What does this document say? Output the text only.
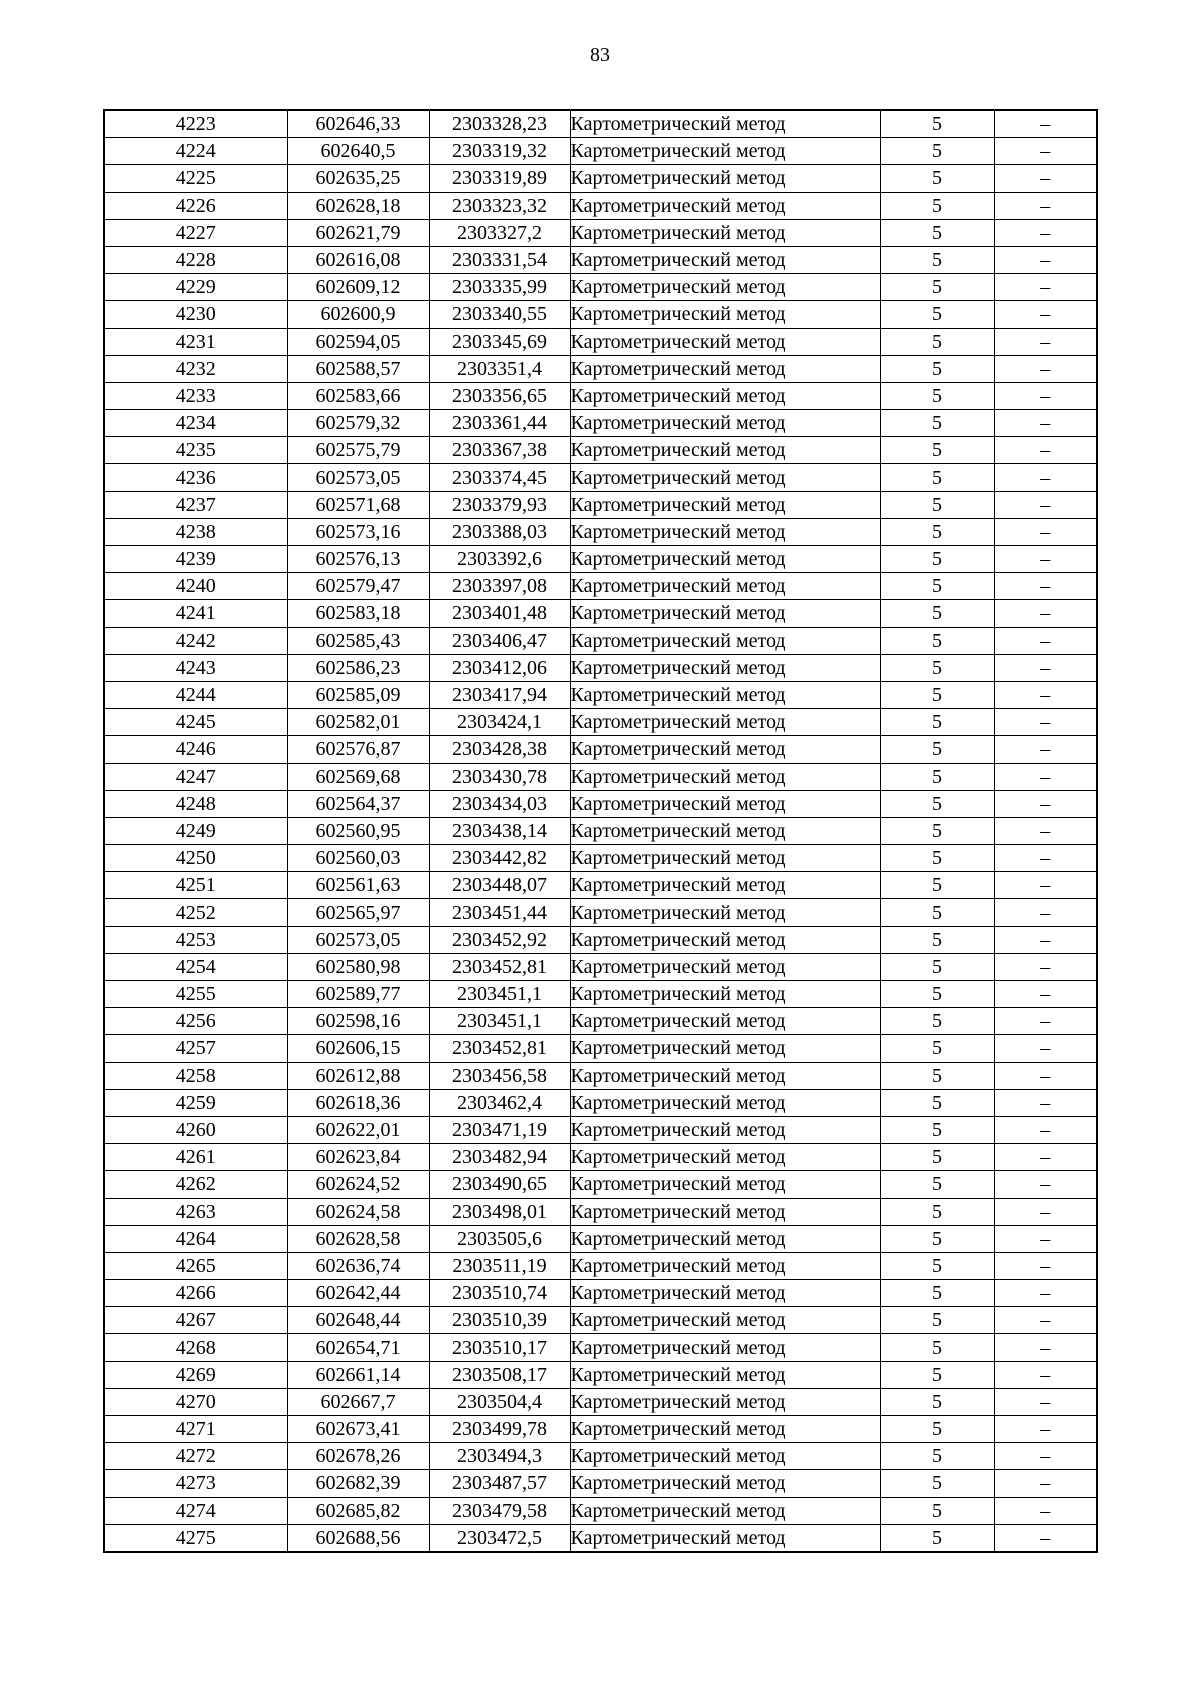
83
4223	602646,33	2303328,23	Картометрический метод	5	–
4224	602640,5	2303319,32	Картометрический метод	5	–
4225	602635,25	2303319,89	Картометрический метод	5	–
4226	602628,18	2303323,32	Картометрический метод	5	–
4227	602621,79	2303327,2	Картометрический метод	5	–
4228	602616,08	2303331,54	Картометрический метод	5	–
4229	602609,12	2303335,99	Картометрический метод	5	–
4230	602600,9	2303340,55	Картометрический метод	5	–
4231	602594,05	2303345,69	Картометрический метод	5	–
4232	602588,57	2303351,4	Картометрический метод	5	–
4233	602583,66	2303356,65	Картометрический метод	5	–
4234	602579,32	2303361,44	Картометрический метод	5	–
4235	602575,79	2303367,38	Картометрический метод	5	–
4236	602573,05	2303374,45	Картометрический метод	5	–
4237	602571,68	2303379,93	Картометрический метод	5	–
4238	602573,16	2303388,03	Картометрический метод	5	–
4239	602576,13	2303392,6	Картометрический метод	5	–
4240	602579,47	2303397,08	Картометрический метод	5	–
4241	602583,18	2303401,48	Картометрический метод	5	–
4242	602585,43	2303406,47	Картометрический метод	5	–
4243	602586,23	2303412,06	Картометрический метод	5	–
4244	602585,09	2303417,94	Картометрический метод	5	–
4245	602582,01	2303424,1	Картометрический метод	5	–
4246	602576,87	2303428,38	Картометрический метод	5	–
4247	602569,68	2303430,78	Картометрический метод	5	–
4248	602564,37	2303434,03	Картометрический метод	5	–
4249	602560,95	2303438,14	Картометрический метод	5	–
4250	602560,03	2303442,82	Картометрический метод	5	–
4251	602561,63	2303448,07	Картометрический метод	5	–
4252	602565,97	2303451,44	Картометрический метод	5	–
4253	602573,05	2303452,92	Картометрический метод	5	–
4254	602580,98	2303452,81	Картометрический метод	5	–
4255	602589,77	2303451,1	Картометрический метод	5	–
4256	602598,16	2303451,1	Картометрический метод	5	–
4257	602606,15	2303452,81	Картометрический метод	5	–
4258	602612,88	2303456,58	Картометрический метод	5	–
4259	602618,36	2303462,4	Картометрический метод	5	–
4260	602622,01	2303471,19	Картометрический метод	5	–
4261	602623,84	2303482,94	Картометрический метод	5	–
4262	602624,52	2303490,65	Картометрический метод	5	–
4263	602624,58	2303498,01	Картометрический метод	5	–
4264	602628,58	2303505,6	Картометрический метод	5	–
4265	602636,74	2303511,19	Картометрический метод	5	–
4266	602642,44	2303510,74	Картометрический метод	5	–
4267	602648,44	2303510,39	Картометрический метод	5	–
4268	602654,71	2303510,17	Картометрический метод	5	–
4269	602661,14	2303508,17	Картометрический метод	5	–
4270	602667,7	2303504,4	Картометрический метод	5	–
4271	602673,41	2303499,78	Картометрический метод	5	–
4272	602678,26	2303494,3	Картометрический метод	5	–
4273	602682,39	2303487,57	Картометрический метод	5	–
4274	602685,82	2303479,58	Картометрический метод	5	–
4275	602688,56	2303472,5	Картометрический метод	5	–
